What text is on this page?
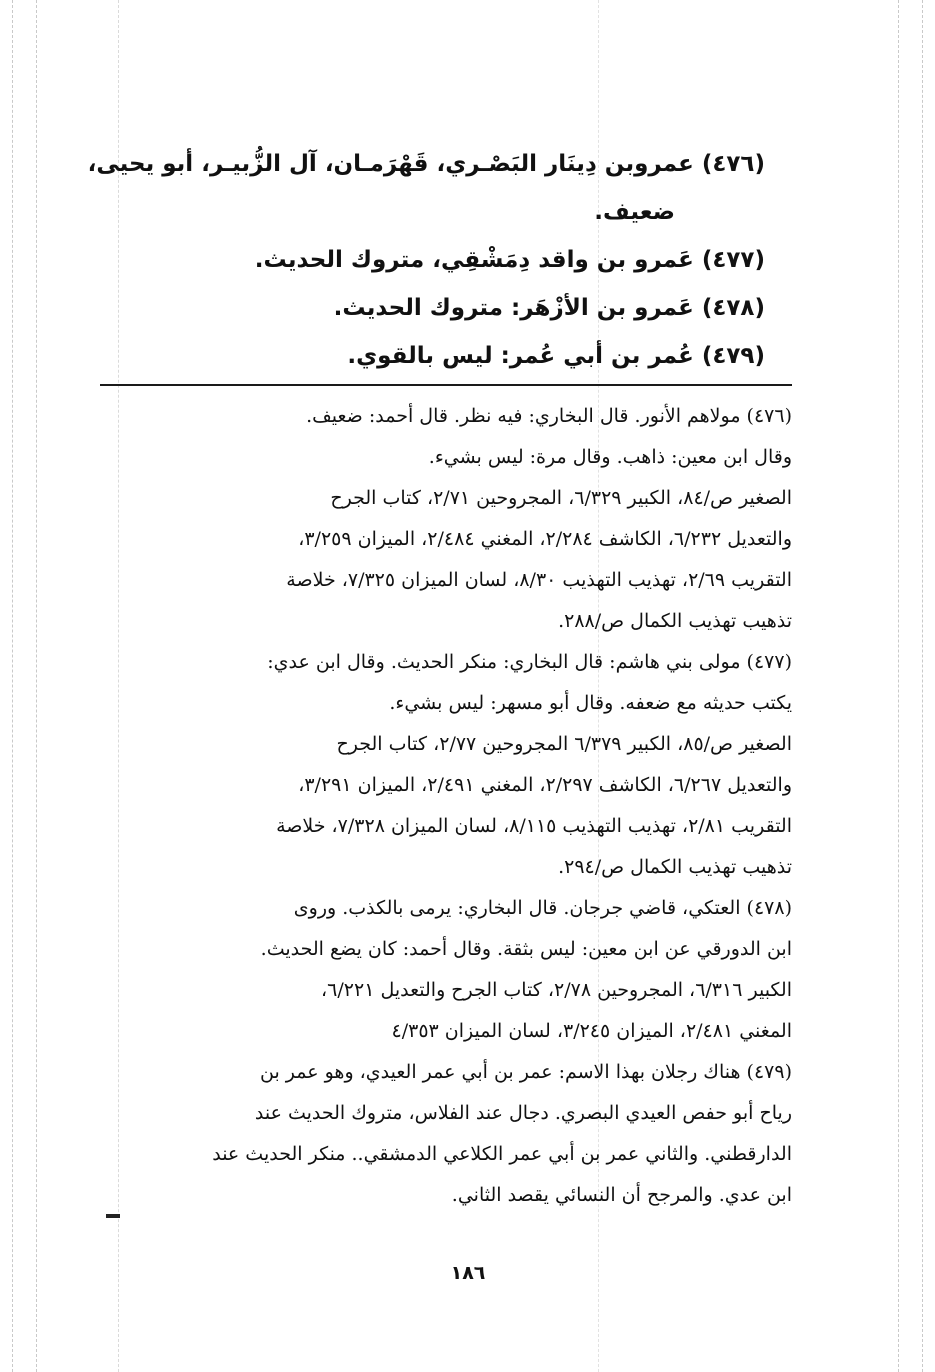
(٤٧٦) عمروبن دِينَار البَصْـري، قَهْرَمـان، آل الزُّبيـر، أبو يحيى،
ضعيف.
(٤٧٧) عَمرو بن واقد دِمَشْقِي، متروك الحديث.
(٤٧٨) عَمرو بن الأزْهَر: متروك الحديث.
(٤٧٩) عُمر بن أبي عُمر: ليس بالقوي.
(٤٧٦) مولاهم الأنور. قال البخاري: فيه نظر. قال أحمد: ضعيف.
وقال ابن معين: ذاهب. وقال مرة: ليس بشيء.
الصغير ص/٨٤، الكبير ٦/٣٢٩، المجروحين ٢/٧١، كتاب الجرح
والتعديل ٦/٢٣٢، الكاشف ٢/٢٨٤، المغني ٢/٤٨٤، الميزان ٣/٢٥٩،
التقريب ٢/٦٩، تهذيب التهذيب ٨/٣٠، لسان الميزان ٧/٣٢٥، خلاصة
تذهيب تهذيب الكمال ص/٢٨٨.
(٤٧٧) مولى بني هاشم: قال البخاري: منكر الحديث. وقال ابن عدي:
يكتب حديثه مع ضعفه. وقال أبو مسهر: ليس بشيء.
الصغير ص/٨٥، الكبير ٦/٣٧٩ المجروحين ٢/٧٧، كتاب الجرح
والتعديل ٦/٢٦٧، الكاشف ٢/٢٩٧، المغني ٢/٤٩١، الميزان ٣/٢٩١،
التقريب ٢/٨١، تهذيب التهذيب ٨/١١٥، لسان الميزان ٧/٣٢٨، خلاصة
تذهيب تهذيب الكمال ص/٢٩٤.
(٤٧٨) العتكي، قاضي جرجان. قال البخاري: يرمى بالكذب. وروى
ابن الدورقي عن ابن معين: ليس بثقة. وقال أحمد: كان يضع الحديث.
الكبير ٦/٣١٦، المجروحين ٢/٧٨، كتاب الجرح والتعديل ٦/٢٢١،
المغني ٢/٤٨١، الميزان ٣/٢٤٥، لسان الميزان ٤/٣٥٣
(٤٧٩) هناك رجلان بهذا الاسم: عمر بن أبي عمر العيدي، وهو عمر بن
رياح أبو حفص العيدي البصري. دجال عند الفلاس، متروك الحديث عند
الدارقطني. والثاني عمر بن أبي عمر الكلاعي الدمشقي.. منكر الحديث عند
ابن عدي. والمرجح أن النسائي يقصد الثاني.
١٨٦
